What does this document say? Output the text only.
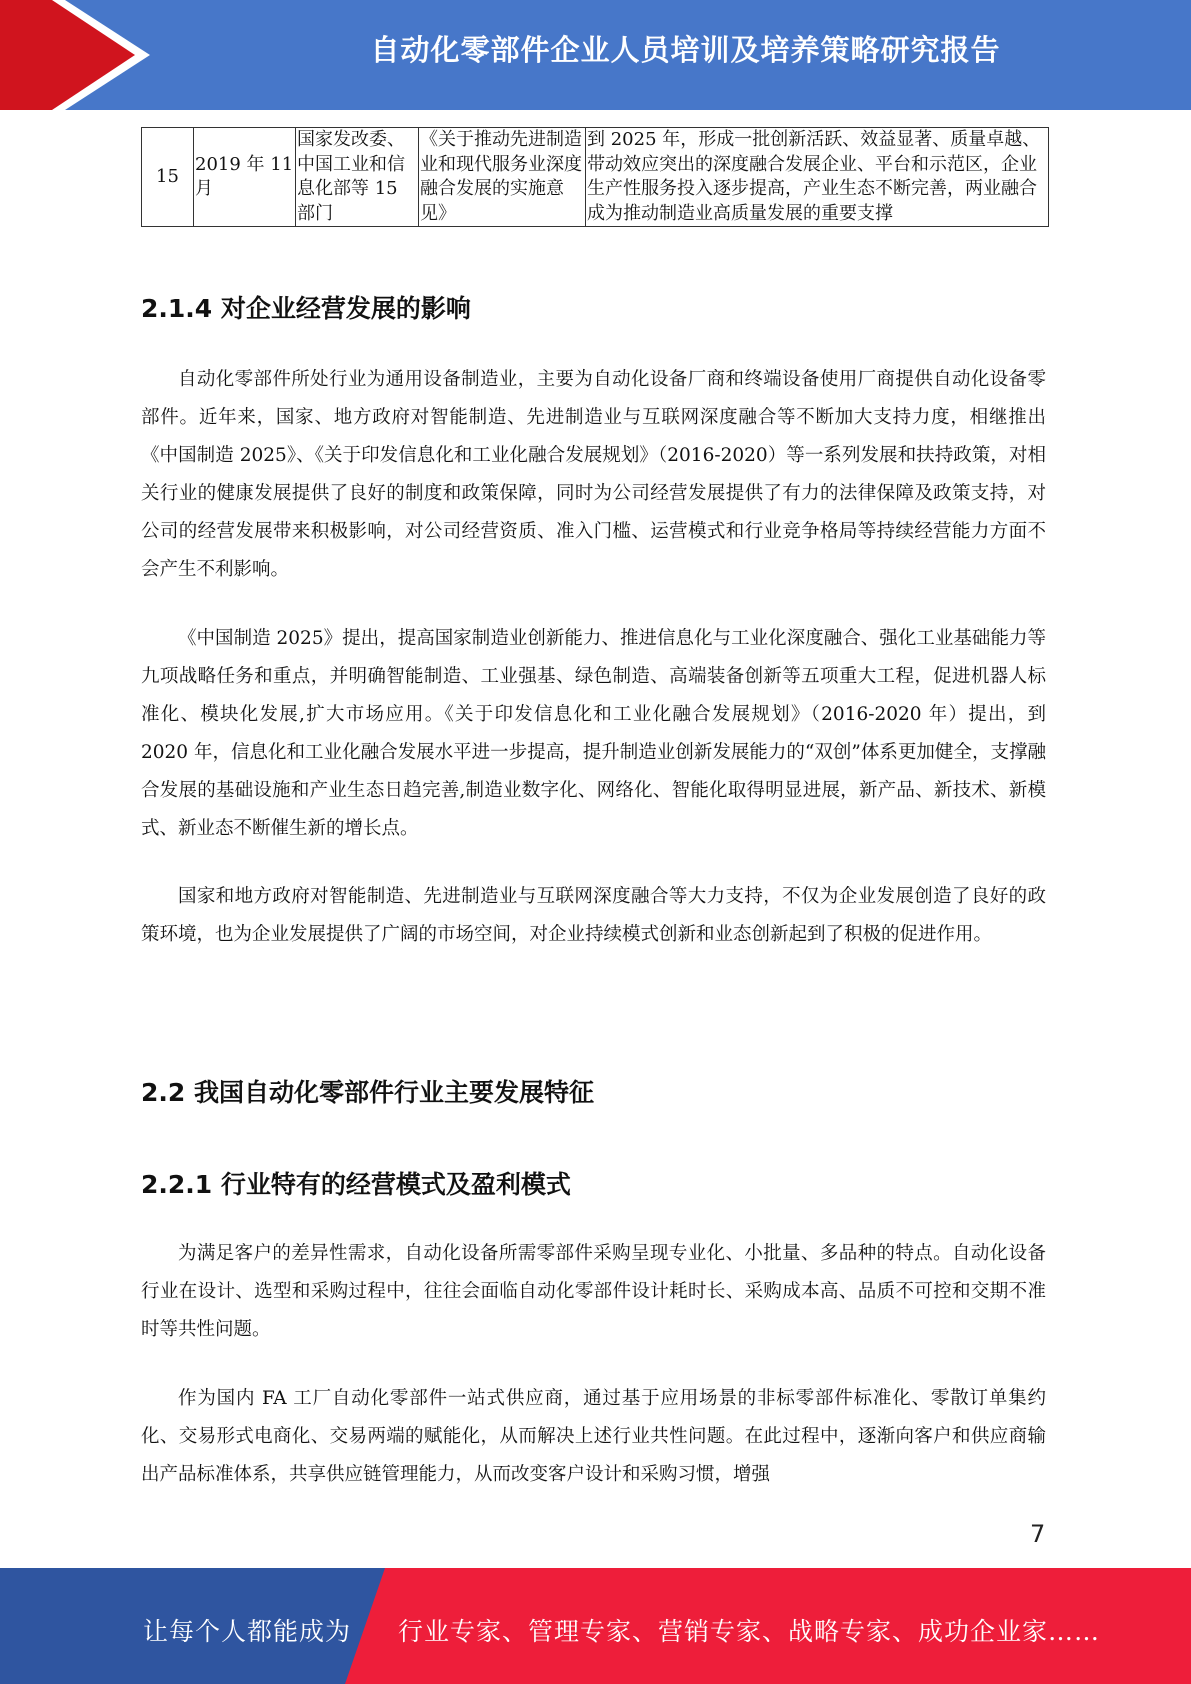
自动化零部件企业人员培训及培养策略研究报告
15	2019 年 11 月	国家发改委、中国工业和信息化部等 15 部门	《关于推动先进制造业和现代服务业深度融合发展的实施意见》	到 2025 年，形成一批创新活跃、效益显著、质量卓越、带动效应突出的深度融合发展企业、平台和示范区，企业生产性服务投入逐步提高，产业生态不断完善，两业融合成为推动制造业高质量发展的重要支撑
2.1.4 对企业经营发展的影响

自动化零部件所处行业为通用设备制造业，主要为自动化设备厂商和终端设备使用厂商提供自动化设备零部件。近年来，国家、地方政府对智能制造、先进制造业与互联网深度融合等不断加大支持力度，相继推出《中国制造 2025》、《关于印发信息化和工业化融合发展规划》（2016-2020）等一系列发展和扶持政策，对相关行业的健康发展提供了良好的制度和政策保障，同时为公司经营发展提供了有力的法律保障及政策支持，对公司的经营发展带来积极影响，对公司经营资质、准入门槛、运营模式和行业竞争格局等持续经营能力方面不会产生不利影响。

《中国制造 2025》提出，提高国家制造业创新能力、推进信息化与工业化深度融合、强化工业基础能力等九项战略任务和重点，并明确智能制造、工业强基、绿色制造、高端装备创新等五项重大工程，促进机器人标准化、模块化发展,扩大市场应用。《关于印发信息化和工业化融合发展规划》（2016-2020 年）提出，到 2020 年，信息化和工业化融合发展水平进一步提高，提升制造业创新发展能力的“双创”体系更加健全，支撑融合发展的基础设施和产业生态日趋完善,制造业数字化、网络化、智能化取得明显进展，新产品、新技术、新模式、新业态不断催生新的增长点。

国家和地方政府对智能制造、先进制造业与互联网深度融合等大力支持，不仅为企业发展创造了良好的政策环境，也为企业发展提供了广阔的市场空间，对企业持续模式创新和业态创新起到了积极的促进作用。

2.2 我国自动化零部件行业主要发展特征
2.2.1 行业特有的经营模式及盈利模式

为满足客户的差异性需求，自动化设备所需零部件采购呈现专业化、小批量、多品种的特点。自动化设备行业在设计、选型和采购过程中，往往会面临自动化零部件设计耗时长、采购成本高、品质不可控和交期不准时等共性问题。

作为国内 FA 工厂自动化零部件一站式供应商，通过基于应用场景的非标零部件标准化、零散订单集约化、交易形式电商化、交易两端的赋能化，从而解决上述行业共性问题。在此过程中，逐渐向客户和供应商输出产品标准体系，共享供应链管理能力，从而改变客户设计和采购习惯，增强

7
让每个人都能成为 行业专家、管理专家、营销专家、战略专家、成功企业家……
